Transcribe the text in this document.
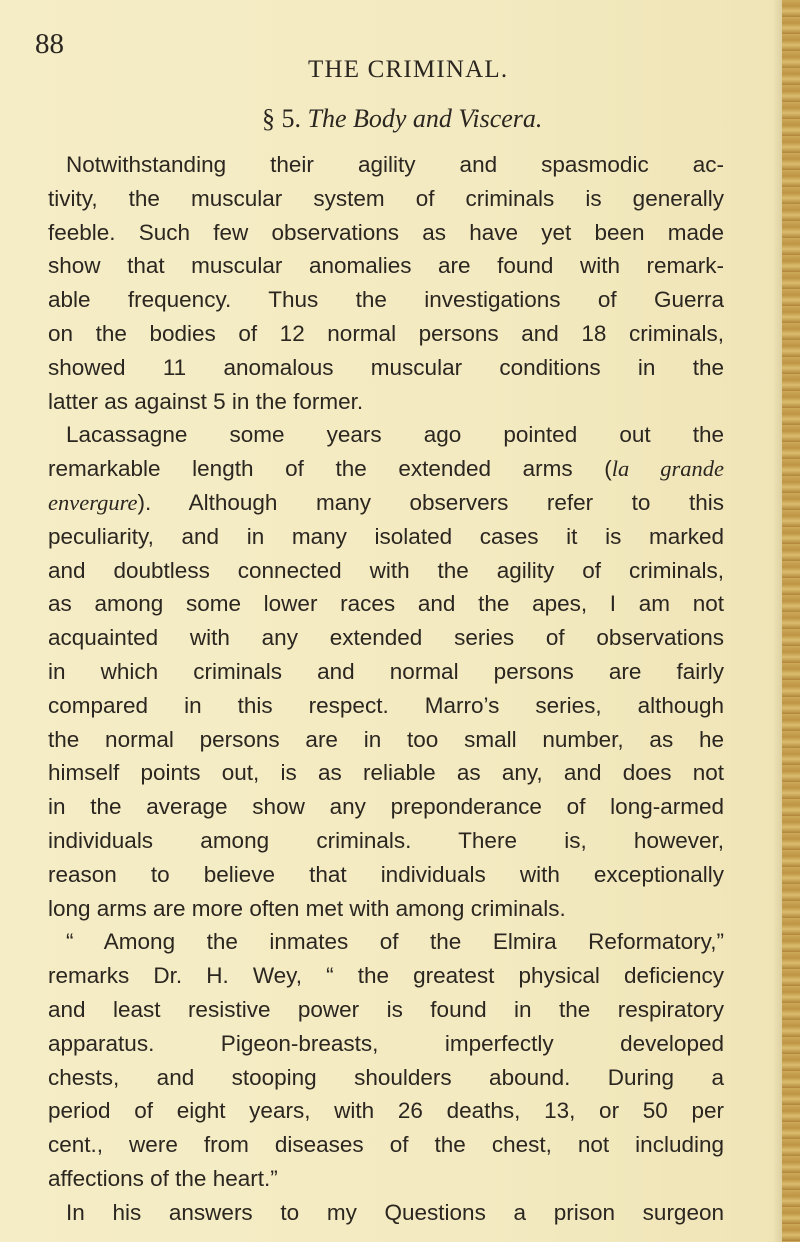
88
THE CRIMINAL.
§ 5. The Body and Viscera.
Notwithstanding their agility and spasmodic ac-
tivity, the muscular system of criminals is generally
feeble. Such few observations as have yet been made
show that muscular anomalies are found with remark-
able frequency. Thus the investigations of Guerra
on the bodies of 12 normal persons and 18 criminals,
showed 11 anomalous muscular conditions in the
latter as against 5 in the former.
Lacassagne some years ago pointed out the
remarkable length of the extended arms (la grande
envergure). Although many observers refer to this
peculiarity, and in many isolated cases it is marked
and doubtless connected with the agility of criminals,
as among some lower races and the apes, I am not
acquainted with any extended series of observations
in which criminals and normal persons are fairly
compared in this respect. Marro’s series, although
the normal persons are in too small number, as he
himself points out, is as reliable as any, and does not
in the average show any preponderance of long-armed
individuals among criminals. There is, however,
reason to believe that individuals with exceptionally
long arms are more often met with among criminals.
“ Among the inmates of the Elmira Reformatory,”
remarks Dr. H. Wey, “ the greatest physical deficiency
and least resistive power is found in the respiratory
apparatus. Pigeon-breasts, imperfectly developed
chests, and stooping shoulders abound. During a
period of eight years, with 26 deaths, 13, or 50 per
cent., were from diseases of the chest, not including
affections of the heart.”
In his answers to my Questions a prison surgeon
